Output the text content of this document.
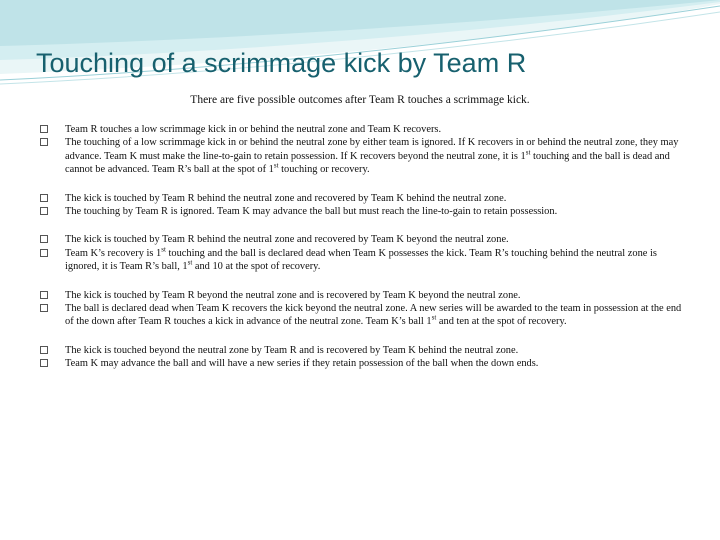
Touching of a scrimmage kick by Team R

There are five possible outcomes after Team R touches a scrimmage kick.

Team R touches a low scrimmage kick in or behind the neutral zone and Team K recovers.

The touching of a low scrimmage kick in or behind the neutral zone by either team is ignored. If K recovers in or behind the neutral zone, they may advance. Team K must make the line-to-gain to retain possession. If K recovers beyond the neutral zone, it is 1st touching and the ball is dead and cannot be advanced. Team R’s ball at the spot of 1st touching or recovery.

The kick is touched by Team R behind the neutral zone and recovered by Team K behind the neutral zone.

The touching by Team R is ignored. Team K may advance the ball but must reach the line-to-gain to retain possession.

The kick is touched by Team R behind the neutral zone and recovered by Team K beyond the neutral zone.

Team K’s recovery is 1st touching and the ball is declared dead when Team K possesses the kick. Team R’s touching behind the neutral zone is ignored, it is Team R’s ball, 1st and 10 at the spot of recovery.

The kick is touched by Team R beyond the neutral zone and is recovered by Team K beyond the neutral zone.

The ball is declared dead when Team K recovers the kick beyond the neutral zone. A new series will be awarded to the team in possession at the end of the down after Team R touches a kick in advance of the neutral zone. Team K’s ball 1st and ten at the spot of recovery.

The kick is touched beyond the neutral zone by Team R and is recovered by Team K behind the neutral zone.

Team K may advance the ball and will have a new series if they retain possession of the ball when the down ends.
